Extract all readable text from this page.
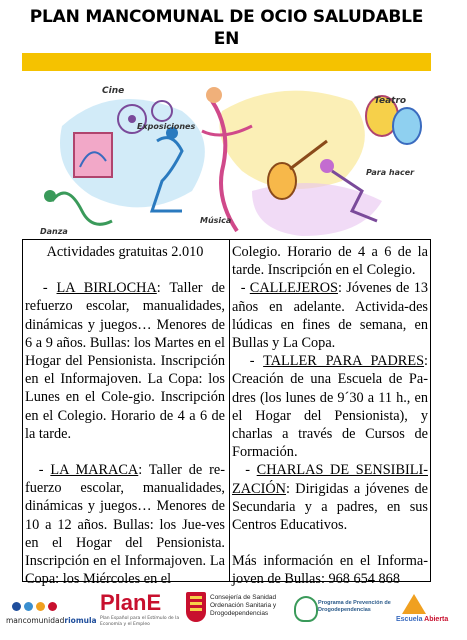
PLAN MANCOMUNAL DE OCIO SALUDABLE EN
Cine
Teatro
Exposiciones
Para hacer
Danza
Música

Actividades gratuitas 2.010

- LA BIRLOCHA: Taller de refuerzo escolar, manualidades, dinámicas y juegos… Menores de 6 a 9 años. Bullas: los Martes en el Hogar del Pensionista. Inscripción en el Informajoven. La Copa: los Lunes en el Cole-gio. Inscripción en el Colegio. Horario de 4 a 6 de la tarde.

- LA MARACA: Taller de re-fuerzo escolar, manualidades, dinámicas y juegos… Menores de 10 a 12 años. Bullas: los Jue-ves en el Hogar del Pensionista. Inscripción en el Informajoven. La Copa: los Miércoles en el

Colegio. Horario de 4 a 6 de la tarde. Inscripción en el Colegio.

- CALLEJEROS: Jóvenes de 13 años en adelante. Activida-des lúdicas en fines de semana, en Bullas y La Copa.

- TALLER PARA PADRES: Creación de una Escuela de Pa-dres (los lunes de 9´30 a 11 h., en el Hogar del Pensionista), y charlas a través de Cursos de Formación.

- CHARLAS DE SENSIBILI-ZACIÓN: Dirigidas a jóvenes de Secundaria y a padres, en sus Centros Educativos.

Más información en el Informa-joven de Bullas: 968 654 868

mancomunidadriomula
PlanE
Plan Español para el Estímulo de la Economía y el Empleo
Consejería de Sanidad
Ordenación Sanitaria y
Drogodependencias
Programa de Prevención de
Drogodependencias
Escuela Abierta
